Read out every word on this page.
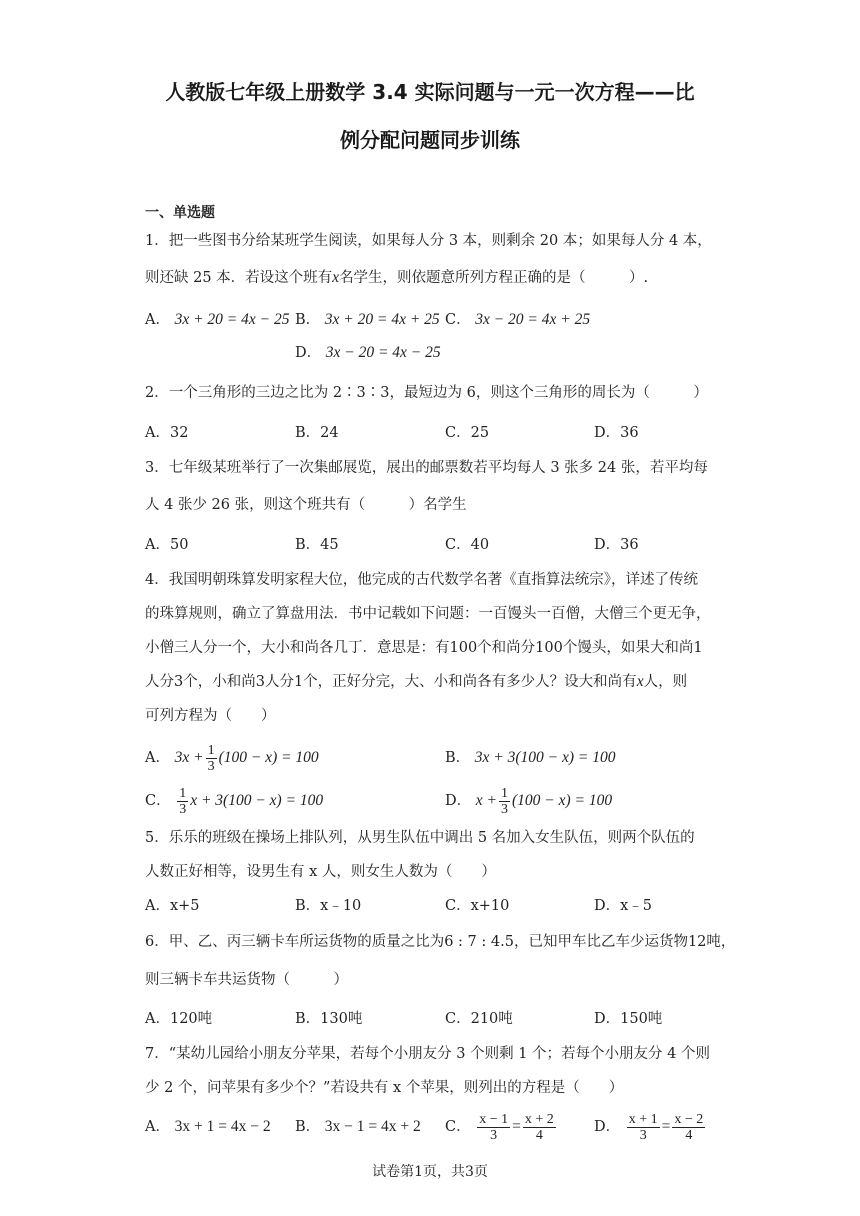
人教版七年级上册数学 3.4 实际问题与一元一次方程——比
例分配问题同步训练
一、单选题
1．把一些图书分给某班学生阅读，如果每人分 3 本，则剩余 20 本；如果每人分 4 本，
则还缺 25 本．若设这个班有x名学生，则依题意所列方程正确的是（　　　）.
A． 3x + 20 = 4x − 25 B． 3x + 20 = 4x + 25 C． 3x − 20 = 4x + 25
D． 3x − 20 = 4x − 25
2．一个三角形的三边之比为 2∶3∶3，最短边为 6，则这个三角形的周长为（　　　）
A．32	B．24	C．25	D．36
3．七年级某班举行了一次集邮展览，展出的邮票数若平均每人 3 张多 24 张，若平均每
人 4 张少 26 张，则这个班共有（　　　）名学生
A．50	B．45	C．40	D．36
4．我国明朝珠算发明家程大位，他完成的古代数学名著《直指算法统宗》，详述了传统
的珠算规则，确立了算盘用法．书中记载如下问题：一百馒头一百僧，大僧三个更无争，
小僧三人分一个，大小和尚各几丁．意思是：有100个和尚分100个馒头，如果大和尚1
人分3个，小和尚3人分1个，正好分完，大、小和尚各有多少人？设大和尚有x人，则
可列方程为（　　）
A． $3x + \frac{1}{3} (100 - x) = 100$	B． 3x + 3(100 − x) = 100
C． $\frac{1}{3}$ x + 3(100 − x) = 100	D． $x + \frac{1}{3} (100 - x) = 100$
5．乐乐的班级在操场上排队列，从男生队伍中调出 5 名加入女生队伍，则两个队伍的
人数正好相等，设男生有 x 人，则女生人数为（　　）
A．x+5	B．x﹣10	C．x+10	D．x﹣5
6．甲、乙、丙三辆卡车所运货物的质量之比为6 : 7 : 4.5，已知甲车比乙车少运货物12吨，
则三辆卡车共运货物（　　　）
A．120吨	B．130吨	C．210吨	D．150吨
7．“某幼儿园给小朋友分苹果，若每个小朋友分 3 个则剩 1 个；若每个小朋友分 4 个则
少 2 个，问苹果有多少个？”若设共有 x 个苹果，则列出的方程是（　　）
A． 3x + 1 = 4x − 2 B． 3x − 1 = 4x + 2 C． $\frac{x - 1}{3} = \frac{x + 2}{4}$	D． $\frac{x + 1}{3} = \frac{x - 2}{4}$
试卷第1页，共3页
